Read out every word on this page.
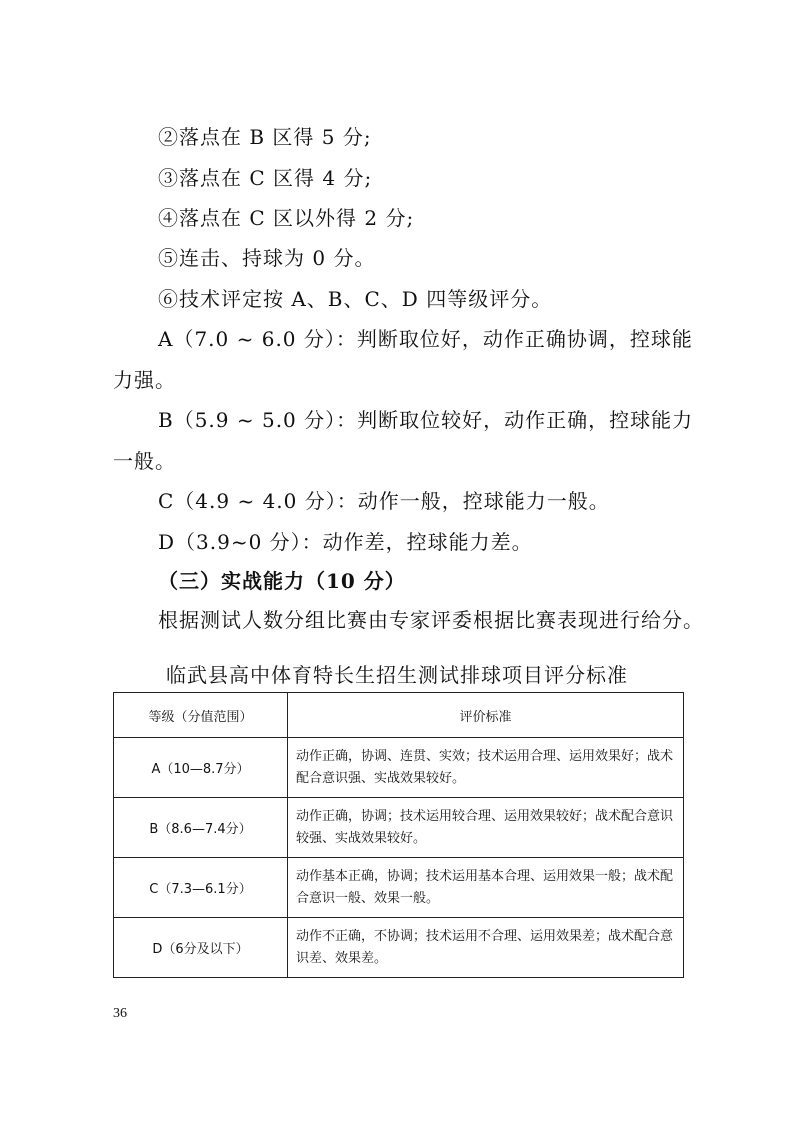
②落点在 B 区得 5 分;
③落点在 C 区得 4 分;
④落点在 C 区以外得 2 分;
⑤连击、持球为 0 分。
⑥技术评定按 A、B、C、D 四等级评分。
A（7.0 ~ 6.0 分）：判断取位好，动作正确协调，控球能
力强。
B（5.9 ~ 5.0 分）：判断取位较好，动作正确，控球能力
一般。
C（4.9 ~ 4.0 分）：动作一般，控球能力一般。
D（3.9~0 分）：动作差，控球能力差。
（三）实战能力（10 分）
根据测试人数分组比赛由专家评委根据比赛表现进行给分。
临武县高中体育特长生招生测试排球项目评分标准
等级（分值范围）	评价标准
A（10—8.7分）	动作正确，协调、连贯、实效；技术运用合理、运用效果好；战术配合意识强、实战效果较好。
B（8.6—7.4分）	动作正确，协调；技术运用较合理、运用效果较好；战术配合意识较强、实战效果较好。
C（7.3—6.1分）	动作基本正确，协调；技术运用基本合理、运用效果一般；战术配合意识一般、效果一般。
D（6分及以下）	动作不正确，不协调；技术运用不合理、运用效果差；战术配合意识差、效果差。
36
